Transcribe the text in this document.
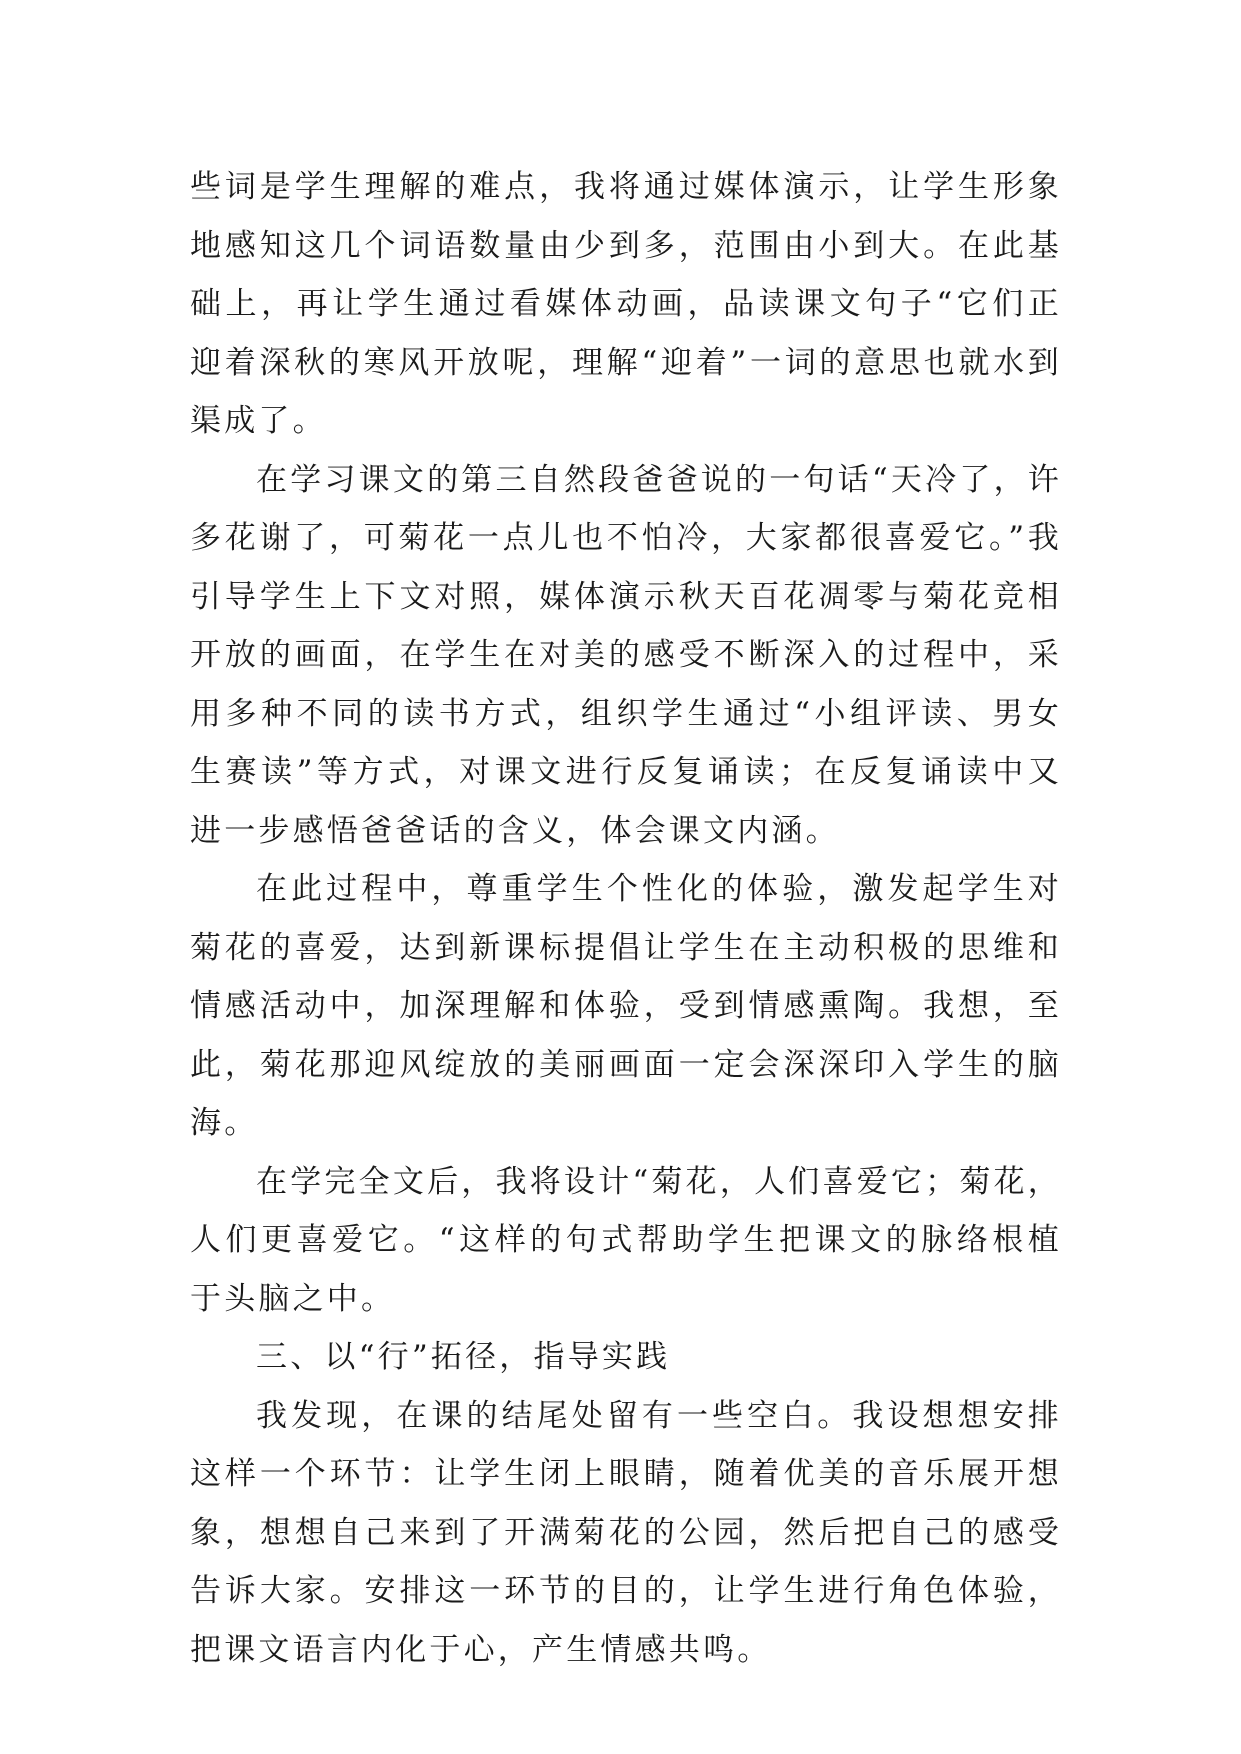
些词是学生理解的难点，我将通过媒体演示，让学生形象地感知这几个词语数量由少到多，范围由小到大。在此基础上，再让学生通过看媒体动画，品读课文句子“它们正迎着深秋的寒风开放呢，理解“迎着”一词的意思也就水到渠成了。

在学习课文的第三自然段爸爸说的一句话“天冷了，许多花谢了，可菊花一点儿也不怕冷，大家都很喜爱它。”我引导学生上下文对照，媒体演示秋天百花凋零与菊花竞相开放的画面，在学生在对美的感受不断深入的过程中，采用多种不同的读书方式，组织学生通过“小组评读、男女生赛读”等方式，对课文进行反复诵读；在反复诵读中又进一步感悟爸爸话的含义，体会课文内涵。

在此过程中，尊重学生个性化的体验，激发起学生对菊花的喜爱，达到新课标提倡让学生在主动积极的思维和情感活动中，加深理解和体验，受到情感熏陶。我想，至此，菊花那迎风绽放的美丽画面一定会深深印入学生的脑海。

在学完全文后，我将设计“菊花，人们喜爱它；菊花，人们更喜爱它。“这样的句式帮助学生把课文的脉络根植于头脑之中。

三、以“行”拓径，指导实践

我发现，在课的结尾处留有一些空白。我设想想安排这样一个环节：让学生闭上眼睛，随着优美的音乐展开想象，想想自己来到了开满菊花的公园，然后把自己的感受告诉大家。安排这一环节的目的，让学生进行角色体验，把课文语言内化于心，产生情感共鸣。
